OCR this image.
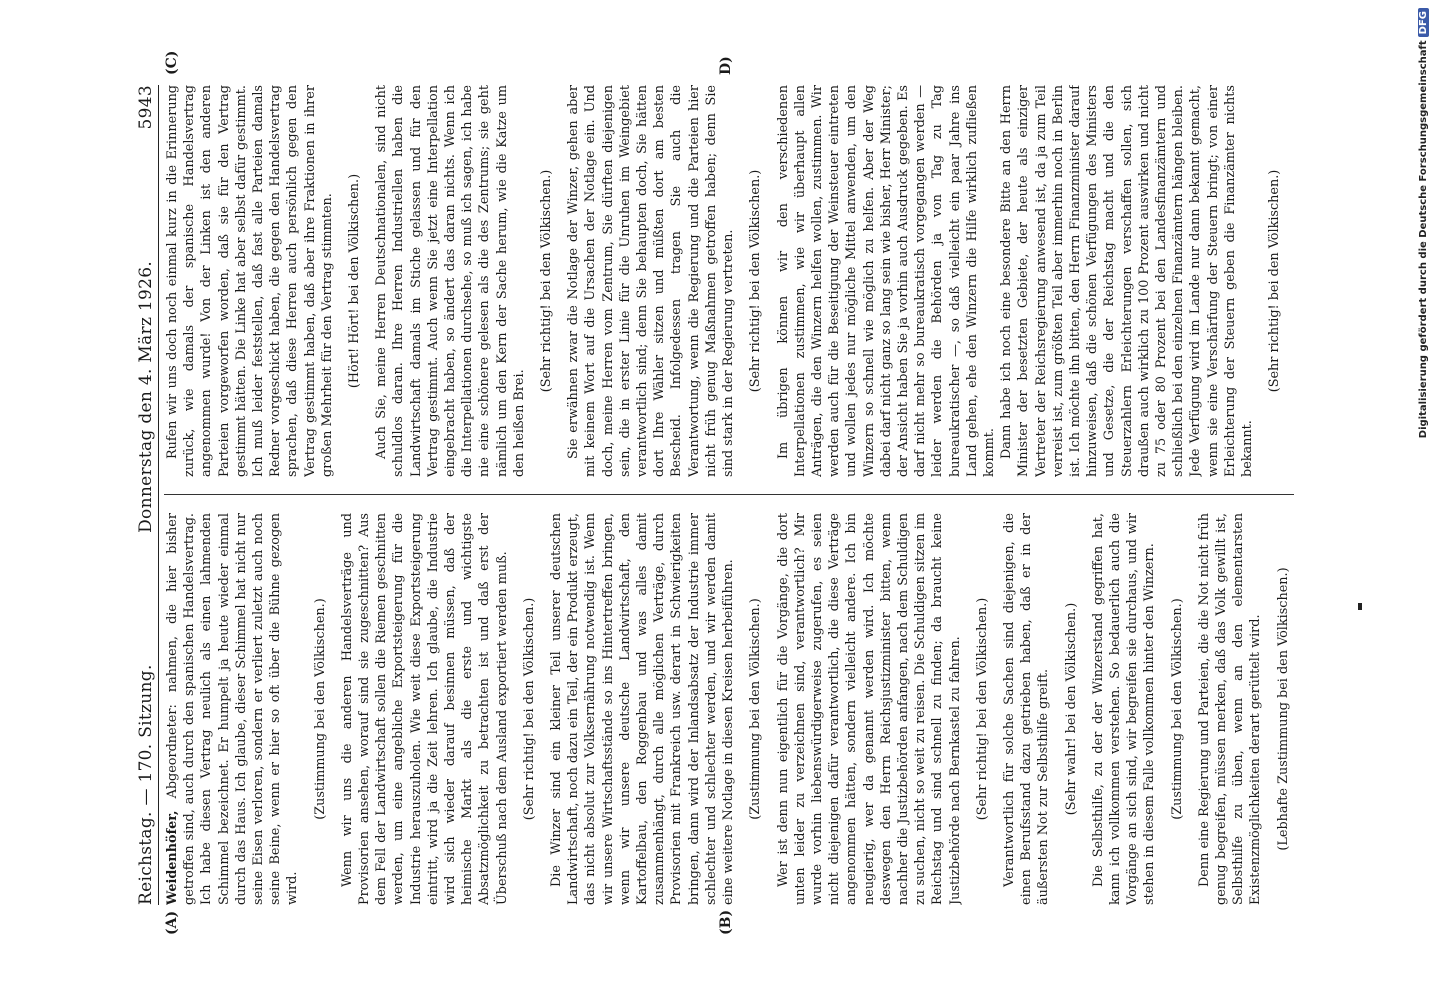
Reichstag. — 170. Sitzung.
Donnerstag den 4. März 1926.
5943
(A)	(B)
(C)	D)

Weidenhöfer, Abgeordneter: nahmen, die hier bisher getroffen sind, auch durch den spanischen Handelsvertrag. Ich habe diesen Vertrag neulich als einen lahmenden Schimmel bezeichnet. Er humpelt ja heute wieder einmal durch das Haus. Ich glaube, dieser Schimmel hat nicht nur seine Eisen verloren, sondern er verliert zuletzt auch noch seine Beine, wenn er hier so oft über die Bühne gezogen wird.

(Zustimmung bei den Völkischen.) Wenn wir uns die anderen Handelsverträge und Provisorien ansehen, worauf sind sie zugeschnitten? Aus dem Fell der Landwirtschaft sollen die Riemen geschnitten werden, um eine angebliche Exportsteigerung für die Industrie herauszuholen. Wie weit diese Exportsteigerung eintritt, wird ja die Zeit lehren. Ich glaube, die Industrie wird sich wieder darauf besinnen müssen, daß der heimische Markt als die erste und wichtigste Absatzmöglichkeit zu betrachten ist und daß erst der Überschuß nach dem Ausland exportiert werden muß. (Sehr richtig! bei den Völkischen.) Die Winzer sind ein kleiner Teil unserer deutschen Landwirtschaft, noch dazu ein Teil, der ein Produkt erzeugt, das nicht absolut zur Volksernährung notwendig ist. Wenn wir unsere Wirtschaftsstände so ins Hintertreffen bringen, wenn wir unsere deutsche Landwirtschaft, den Kartoffelbau, den Roggenbau und was alles damit zusammenhängt, durch alle möglichen Verträge, durch Provisorien mit Frankreich usw. derart in Schwierigkeiten bringen, dann wird der Inlandsabsatz der Industrie immer schlechter und schlechter werden, und wir werden damit eine weitere Notlage in diesen Kreisen herbeiführen. (Zustimmung bei den Völkischen.) Wer ist denn nun eigentlich für die Vorgänge, die dort unten leider zu verzeichnen sind, verantwortlich? Mir wurde vorhin liebenswürdigerweise zugerufen, es seien nicht diejenigen dafür verantwortlich, die diese Verträge angenommen hätten, sondern vielleicht andere. Ich bin neugierig, wer da genannt werden wird. Ich möchte deswegen den Herrn Reichsjustizminister bitten, wenn nachher die Justizbehörden anfangen, nach dem Schuldigen zu suchen, nicht so weit zu reisen. Die Schuldigen sitzen im Reichstag und sind schnell zu finden; da braucht keine Justizbehörde nach Bernkastel zu fahren. (Sehr richtig! bei den Völkischen.) Verantwortlich für solche Sachen sind diejenigen, die einen Berufsstand dazu getrieben haben, daß er in der äußersten Not zur Selbsthilfe greift. (Sehr wahr! bei den Völkischen.) Die Selbsthilfe, zu der der Winzerstand gegriffen hat, kann ich vollkommen verstehen. So bedauerlich auch die Vorgänge an sich sind, wir begreifen sie durchaus, und wir stehen in diesem Falle vollkommen hinter den Winzern. (Zustimmung bei den Völkischen.) Denn eine Regierung und Parteien, die die Not nicht früh genug begreifen, müssen merken, daß das Volk gewillt ist, Selbsthilfe zu üben, wenn an den elementarsten Existenzmöglichkeiten derart gerüttelt wird. (Lebhafte Zustimmung bei den Völkischen.)

Rufen wir uns doch noch einmal kurz in die Erinnerung zurück, wie damals der spanische Handelsvertrag angenommen wurde! Von der Linken ist den anderen Parteien vorgeworfen worden, daß sie für den Vertrag gestimmt hätten. Die Linke hat aber selbst dafür gestimmt. Ich muß leider feststellen, daß fast alle Parteien damals Redner vorgeschickt haben, die gegen den Handelsvertrag sprachen, daß diese Herren auch persönlich gegen den Vertrag gestimmt haben, daß aber ihre Fraktionen in ihrer großen Mehrheit für den Vertrag stimmten. (Hört! Hört! bei den Völkischen.) Auch Sie, meine Herren Deutschnationalen, sind nicht schuldlos daran. Ihre Herren Industriellen haben die Landwirtschaft damals im Stiche gelassen und für den Vertrag gestimmt. Auch wenn Sie jetzt eine Interpellation eingebracht haben, so ändert das daran nichts. Wenn ich die Interpellationen durchsehe, so muß ich sagen, ich habe nie eine schönere gelesen als die des Zentrums; sie geht nämlich um den Kern der Sache herum, wie die Katze um den heißen Brei.

(Sehr richtig! bei den Völkischen.) Sie erwähnen zwar die Notlage der Winzer, gehen aber mit keinem Wort auf die Ursachen der Notlage ein. Und doch, meine Herren vom Zentrum, Sie dürften diejenigen sein, die in erster Linie für die Unruhen im Weingebiet verantwortlich sind; denn Sie behaupten doch, Sie hätten dort Ihre Wähler sitzen und müßten dort am besten Bescheid. Infolgedessen tragen Sie auch die Verantwortung, wenn die Regierung und die Parteien hier nicht früh genug Maßnahmen getroffen haben; denn Sie sind stark in der Regierung vertreten. (Sehr richtig! bei den Völkischen.) Im übrigen können wir den verschiedenen Interpellationen zustimmen, wie wir überhaupt allen Anträgen, die den Winzern helfen wollen, zustimmen. Wir werden auch für die Beseitigung der Weinsteuer eintreten und wollen jedes nur mögliche Mittel anwenden, um den Winzern so schnell wie möglich zu helfen. Aber der Weg dabei darf nicht ganz so lang sein wie bisher, Herr Minister; der Ansicht haben Sie ja vorhin auch Ausdruck gegeben. Es darf nicht mehr so bureaukratisch vorgegangen werden — leider werden die Behörden ja von Tag zu Tag bureaukratischer —, so daß vielleicht ein paar Jahre ins Land gehen, ehe den Winzern die Hilfe wirklich zufließen kommt. Dann habe ich noch eine besondere Bitte an den Herrn Minister der besetzten Gebiete, der heute als einziger Vertreter der Reichsregierung anwesend ist, da ja zum Teil verreist ist, zum größten Teil aber immerhin noch in Berlin ist. Ich möchte ihn bitten, den Herrn Finanzminister darauf hinzuweisen, daß die schönen Verfügungen des Ministers und Gesetze, die der Reichstag macht und die den Steuerzahlern Erleichterungen verschaffen sollen, sich draußen auch wirklich zu 100 Prozent auswirken und nicht zu 75 oder 80 Prozent bei den Landesfinanzämtern und schließlich bei den einzelnen Finanzämtern hängen bleiben. Jede Verfügung wird im Lande nur dann bekannt gemacht, wenn sie eine Verschärfung der Steuern bringt; von einer Erleichterung der Steuern geben die Finanzämter nichts bekannt.

(Sehr richtig! bei den Völkischen.)	Digitalisierung gefördert durch die Deutsche ForschungsgemeinschaftDFG
